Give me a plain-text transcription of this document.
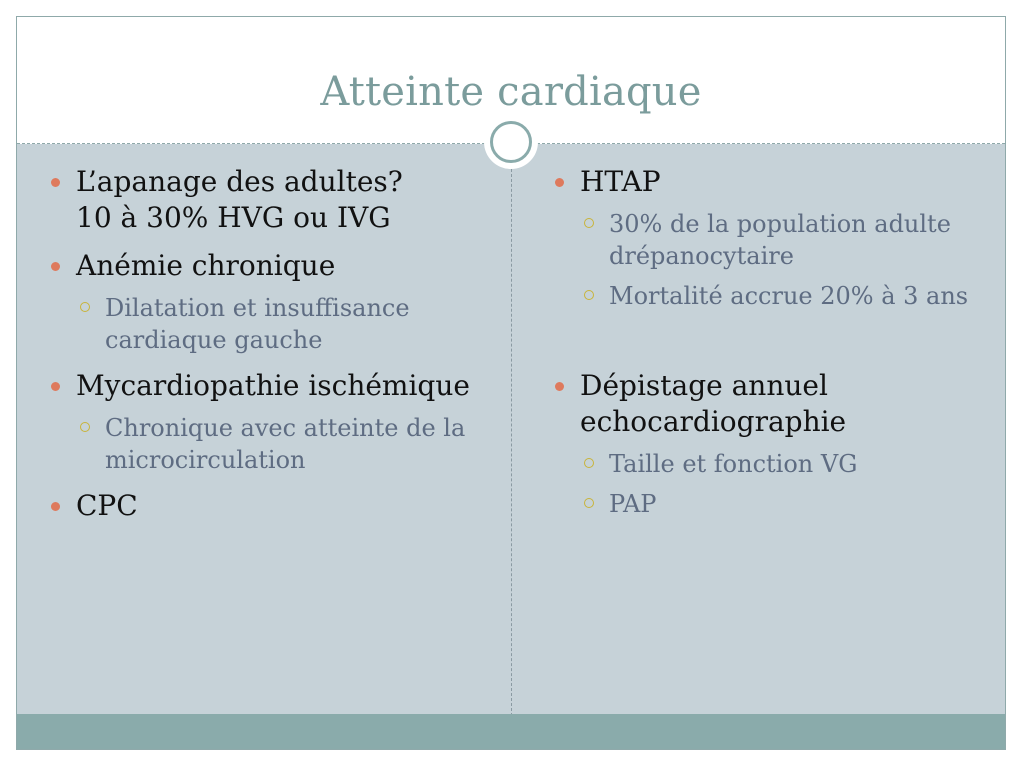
Atteinte cardiaque
L’apanage des adultes?
10 à 30% HVG ou IVG
Anémie chronique
Dilatation et insuffisance cardiaque gauche
Mycardiopathie ischémique
Chronique avec atteinte de la microcirculation
CPC
HTAP
30% de la population adulte drépanocytaire
Mortalité accrue 20% à 3 ans
Dépistage annuel echocardiographie
Taille et fonction VG
PAP
